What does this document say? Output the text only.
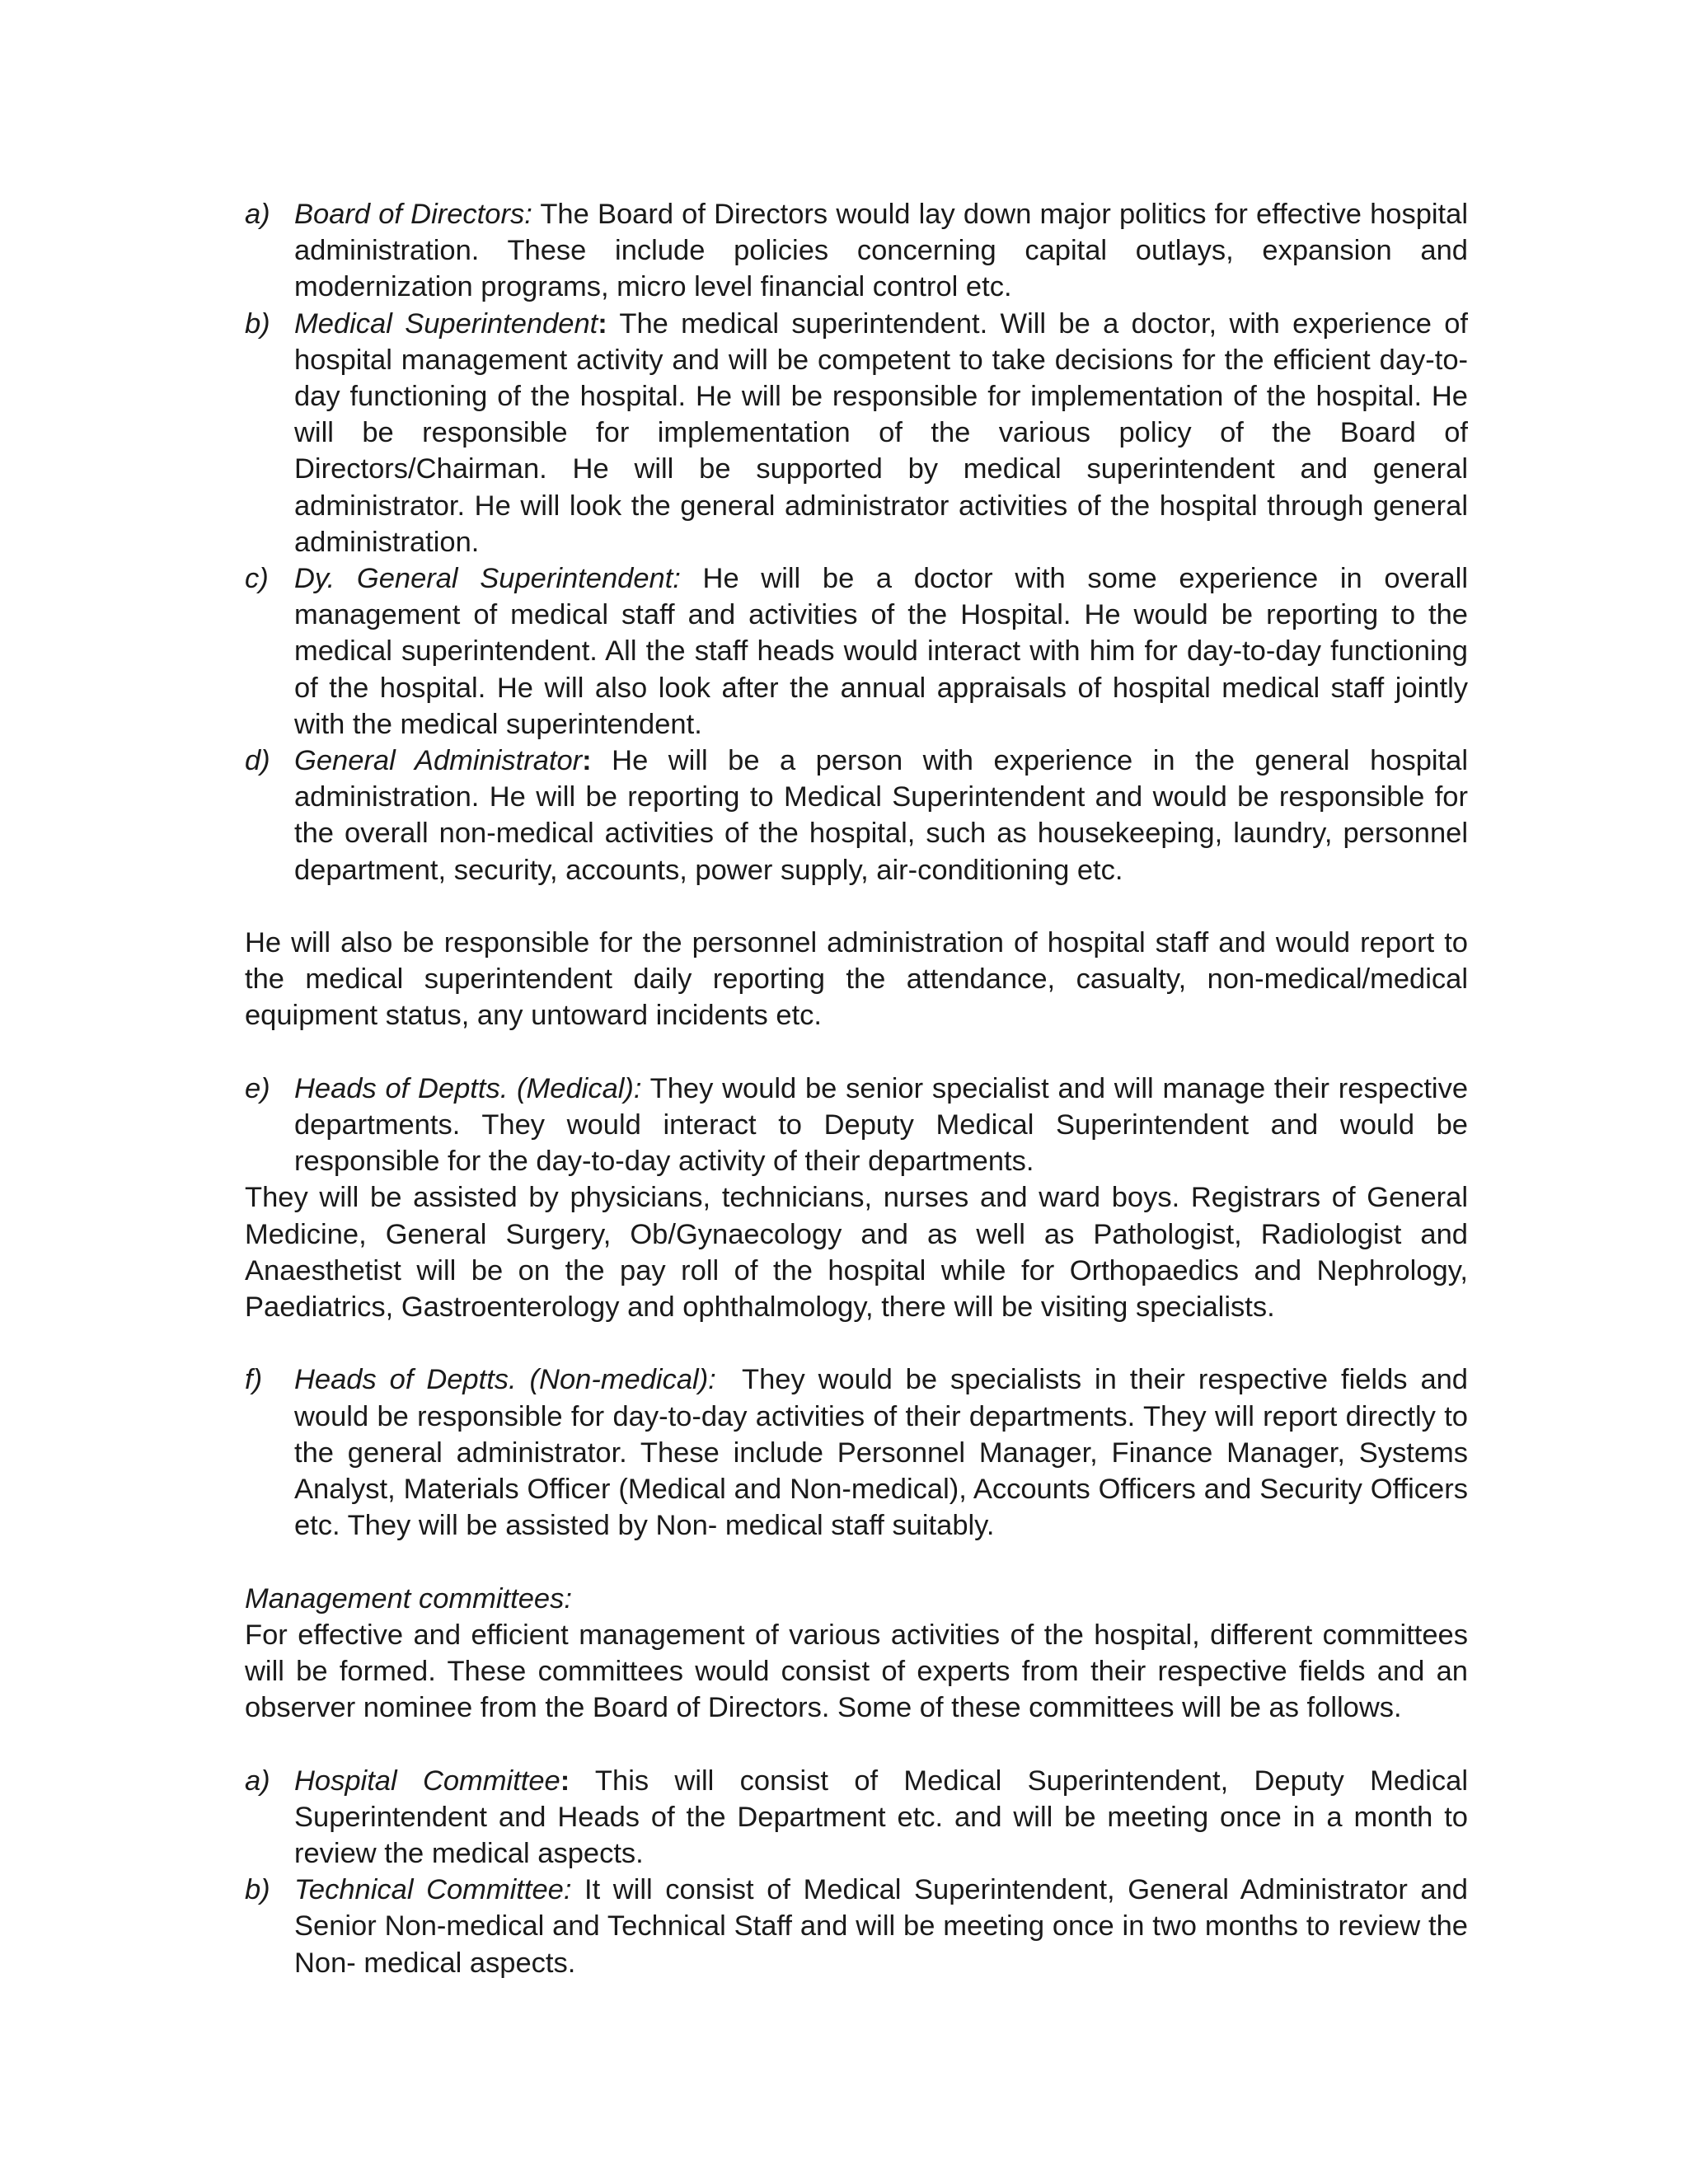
a) Board of Directors: The Board of Directors would lay down major politics for effective hospital administration. These include policies concerning capital outlays, expansion and modernization programs, micro level financial control etc.
b) Medical Superintendent: The medical superintendent. Will be a doctor, with experience of hospital management activity and will be competent to take decisions for the efficient day-to-day functioning of the hospital. He will be responsible for implementation of the hospital. He will be responsible for implementation of the various policy of the Board of Directors/Chairman. He will be supported by medical superintendent and general administrator. He will look the general administrator activities of the hospital through general administration.
c) Dy. General Superintendent: He will be a doctor with some experience in overall management of medical staff and activities of the Hospital. He would be reporting to the medical superintendent. All the staff heads would interact with him for day-to-day functioning of the hospital. He will also look after the annual appraisals of hospital medical staff jointly with the medical superintendent.
d) General Administrator: He will be a person with experience in the general hospital administration. He will be reporting to Medical Superintendent and would be responsible for the overall non-medical activities of the hospital, such as housekeeping, laundry, personnel department, security, accounts, power supply, air-conditioning etc.

He will also be responsible for the personnel administration of hospital staff and would report to the medical superintendent daily reporting the attendance, casualty, non-medical/medical equipment status, any untoward incidents etc.

e) Heads of Deptts. (Medical): They would be senior specialist and will manage their respective departments. They would interact to Deputy Medical Superintendent and would be responsible for the day-to-day activity of their departments.

They will be assisted by physicians, technicians, nurses and ward boys. Registrars of General Medicine, General Surgery, Ob/Gynaecology and as well as Pathologist, Radiologist and Anaesthetist will be on the pay roll of the hospital while for Orthopaedics and Nephrology, Paediatrics, Gastroenterology and ophthalmology, there will be visiting specialists.

f)	Heads of Deptts. (Non-medical):  They would be specialists in their respective fields and would be responsible for day-to-day activities of their departments. They will report directly to the general administrator. These include Personnel Manager, Finance Manager, Systems Analyst, Materials Officer (Medical and Non-medical), Accounts Officers and Security Officers etc. They will be assisted by Non- medical staff suitably.
Management committees:

For effective and efficient management of various activities of the hospital, different committees will be formed. These committees would consist of experts from their respective fields and an observer nominee from the Board of Directors. Some of these committees will be as follows.

a) Hospital Committee: This will consist of Medical Superintendent, Deputy Medical Superintendent and Heads of the Department etc. and will be meeting once in a month to review the medical aspects.
b) Technical Committee: It will consist of Medical Superintendent, General Administrator and Senior Non-medical and Technical Staff and will be meeting once in two months to review the Non- medical aspects.
